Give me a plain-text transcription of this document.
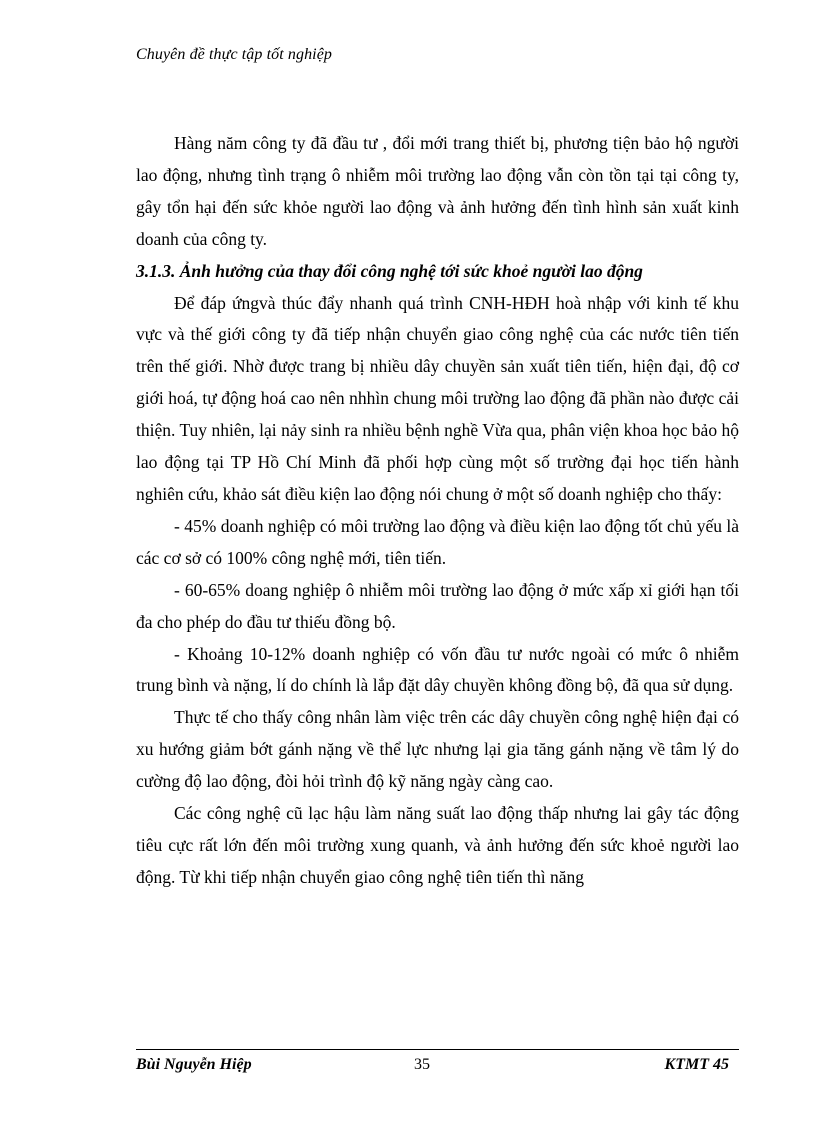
Chuyên đề thực tập tốt nghiệp

Hàng năm công ty đã đầu tư , đổi mới trang thiết bị, phương tiện bảo hộ người lao động, nhưng tình trạng ô nhiễm môi trường lao động vẫn còn tồn tại tại công ty, gây tổn hại đến sức khỏe người lao động và ảnh hưởng đến tình hình sản xuất kinh doanh của công ty.

3.1.3. Ảnh hưởng của thay đổi công nghệ tới sức khoẻ người lao động

Để đáp ứngvà thúc đẩy nhanh quá trình CNH-HĐH hoà nhập với kinh tế khu vực và thế giới công ty đã tiếp nhận chuyển giao công nghệ của các nước tiên tiến trên thế giới. Nhờ được trang bị nhiều dây chuyền sản xuất tiên tiến, hiện đại, độ cơ giới hoá, tự động hoá cao nên nhhìn chung môi trường lao động đã phần nào được cải thiện. Tuy nhiên, lại nảy sinh ra nhiều bệnh nghề Vừa qua, phân viện khoa học bảo hộ lao động tại TP Hồ Chí Minh đã phối hợp cùng một số trường đại học tiến hành nghiên cứu, khảo sát điều kiện lao động nói chung ở một số doanh nghiệp cho thấy:

- 45% doanh nghiệp có môi trường lao động và điều kiện lao động tốt chủ yếu là các cơ sở có 100% công nghệ mới, tiên tiến.

- 60-65% doang nghiệp ô nhiễm môi trường lao động ở mức xấp xỉ giới hạn tối đa cho phép do đầu tư thiếu đồng bộ.

- Khoảng 10-12% doanh nghiệp có vốn đầu tư nước ngoài có mức ô nhiễm trung bình và nặng, lí do chính là lắp đặt dây chuyền không đồng bộ, đã qua sử dụng.

Thực tế cho thấy công nhân làm việc trên các dây chuyền công nghệ hiện đại có xu hướng giảm bớt gánh nặng về thể lực nhưng lại gia tăng gánh nặng về tâm lý do cường độ lao động, đòi hỏi trình độ kỹ năng ngày càng cao.

Các công nghệ cũ lạc hậu làm năng suất lao động thấp nhưng lai gây tác động tiêu cực rất lớn đến môi trường xung quanh, và ảnh hưởng đến sức khoẻ người lao động. Từ khi tiếp nhận chuyển giao công nghệ tiên tiến thì năng

Bùi Nguyễn Hiệp	35	KTMT 45
